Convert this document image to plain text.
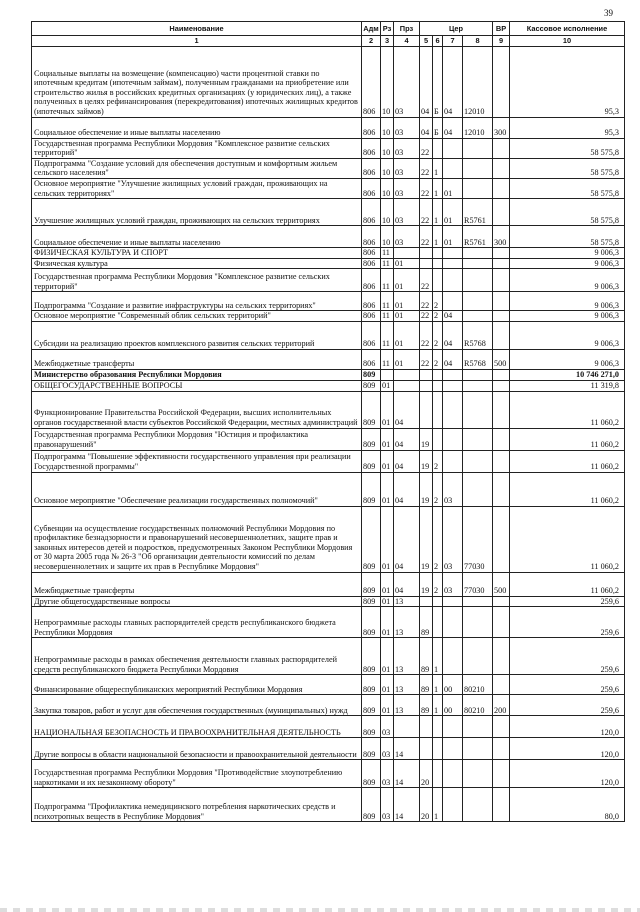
39
Наименование	Адм	Рз	Прз	Цер				ВР	Кассовое исполнение
1	2	3	4	5	6	7	8	9	10
Социальные выплаты на возмещение (компенсацию) части процентной ставки по ипотечным кредитам (ипотечным займам), полученным гражданами на приобретение или строительство жилья в российских кредитных организациях (у юридических лиц), а также полученных в целях рефинансирования (перекредитования) ипотечных жилищных кредитов (ипотечных займов)	806	10	03	04	Б	04	12010		95,3
Социальное обеспечение и иные выплаты населению	806	10	03	04	Б	04	12010	300	95,3
Государственная программа Республики Мордовия "Комплексное развитие сельских территорий"	806	10	03	22					58 575,8
Подпрограмма "Создание условий для обеспечения доступным и комфортным жильем сельского населения"	806	10	03	22	1				58 575,8
Основное мероприятие "Улучшение жилищных условий граждан, проживающих на сельских территориях"	806	10	03	22	1	01			58 575,8
Улучшение жилищных условий граждан, проживающих на сельских территориях	806	10	03	22	1	01	R5761		58 575,8
Социальное обеспечение и иные выплаты населению	806	10	03	22	1	01	R5761	300	58 575,8
ФИЗИЧЕСКАЯ КУЛЬТУРА И СПОРТ	806	11							9 006,3
Физическая культура	806	11	01						9 006,3
Государственная программа Республики Мордовия "Комплексное развитие сельских территорий"	806	11	01	22					9 006,3
Подпрограмма "Создание и развитие инфраструктуры на сельских территориях"	806	11	01	22	2				9 006,3
Основное мероприятие "Современный облик сельских территорий"	806	11	01	22	2	04			9 006,3
Субсидии на реализацию проектов комплексного развития сельских территорий	806	11	01	22	2	04	R5768		9 006,3
Межбюджетные трансферты	806	11	01	22	2	04	R5768	500	9 006,3
Министерство образования Республики Мордовия	809								10 746 271,0
ОБЩЕГОСУДАРСТВЕННЫЕ ВОПРОСЫ	809	01							11 319,8
Функционирование Правительства Российской Федерации, высших исполнительных органов государственной власти субъектов Российской Федерации, местных администраций	809	01	04						11 060,2
Государственная программа Республики Мордовия "Юстиция и профилактика правонарушений"	809	01	04	19					11 060,2
Подпрограмма "Повышение эффективности государственного управления при реализации Государственной программы"	809	01	04	19	2				11 060,2
Основное мероприятие "Обеспечение реализации государственных полномочий"	809	01	04	19	2	03			11 060,2
Субвенции на осуществление государственных полномочий Республики Мордовия по профилактике безнадзорности и правонарушений несовершеннолетних, защите прав и законных интересов детей и подростков, предусмотренных Законом Республики Мордовия от 30 марта 2005 года № 26-З "Об организации деятельности комиссий по делам несовершеннолетних и защите их прав в Республике Мордовия"	809	01	04	19	2	03	77030		11 060,2
Межбюджетные трансферты	809	01	04	19	2	03	77030	500	11 060,2
Другие общегосударственные вопросы	809	01	13						259,6
Непрограммные расходы главных распорядителей средств республиканского бюджета Республики Мордовия	809	01	13	89					259,6
Непрограммные расходы в рамках обеспечения деятельности главных распорядителей средств республиканского бюджета Республики Мордовия	809	01	13	89	1				259,6
Финансирование общереспубликанских мероприятий Республики Мордовия	809	01	13	89	1	00	80210		259,6
Закупка товаров, работ и услуг для обеспечения государственных (муниципальных) нужд	809	01	13	89	1	00	80210	200	259,6
НАЦИОНАЛЬНАЯ БЕЗОПАСНОСТЬ И ПРАВООХРАНИТЕЛЬНАЯ ДЕЯТЕЛЬНОСТЬ	809	03							120,0
Другие вопросы в области национальной безопасности и правоохранительной деятельности	809	03	14						120,0
Государственная программа Республики Мордовия "Противодействие злоупотреблению наркотиками и их незаконному обороту"	809	03	14	20					120,0
Подпрограмма "Профилактика немедицинского потребления наркотических средств и психотропных веществ в Республике Мордовия"	809	03	14	20	1				80,0
